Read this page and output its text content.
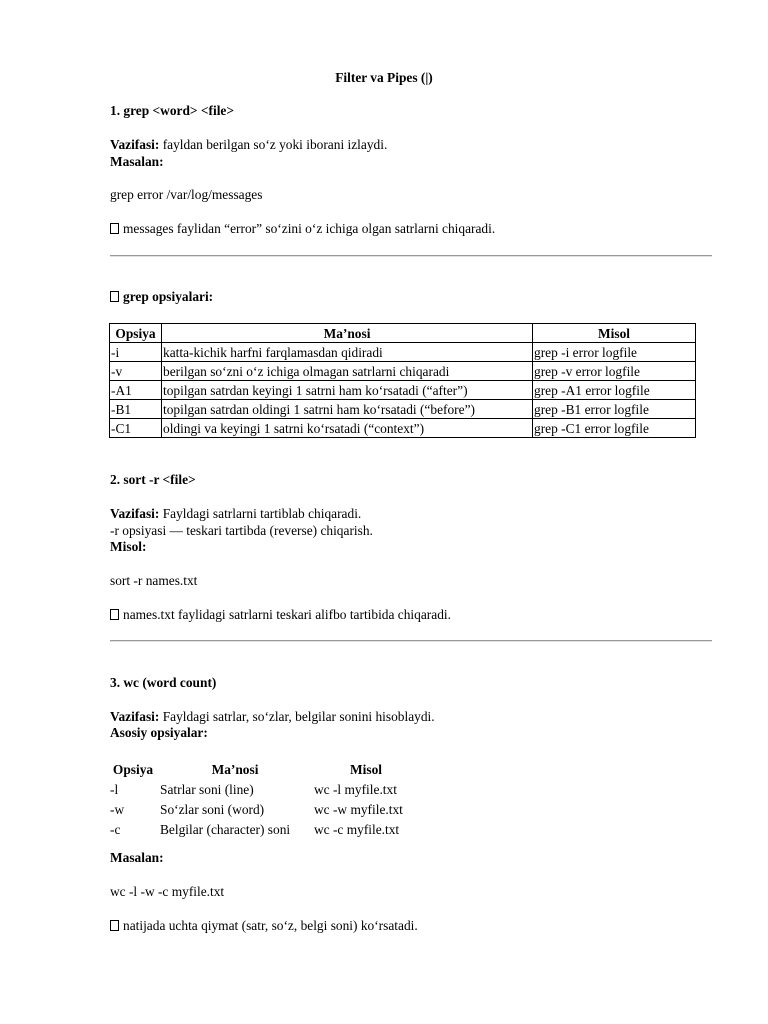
Filter va Pipes (|)
1. grep <word> <file>
Vazifasi: fayldan berilgan so‘z yoki iborani izlaydi.
Masalan:
grep error /var/log/messages
messages faylidan “error” so‘zini o‘z ichiga olgan satrlarni chiqaradi.
grep opsiyalari:
Opsiya	Ma’nosi	Misol
-i	katta-kichik harfni farqlamasdan qidiradi	grep -i error logfile
-v	berilgan so‘zni o‘z ichiga olmagan satrlarni chiqaradi	grep -v error logfile
-A1	topilgan satrdan keyingi 1 satrni ham ko‘rsatadi (“after”)	grep -A1 error logfile
-B1	topilgan satrdan oldingi 1 satrni ham ko‘rsatadi (“before”)	grep -B1 error logfile
-C1	oldingi va keyingi 1 satrni ko‘rsatadi (“context”)	grep -C1 error logfile
2. sort -r <file>
Vazifasi: Fayldagi satrlarni tartiblab chiqaradi.
-r opsiyasi — teskari tartibda (reverse) chiqarish.
Misol:
sort -r names.txt
names.txt faylidagi satrlarni teskari alifbo tartibida chiqaradi.
3. wc (word count)
Vazifasi: Fayldagi satrlar, so‘zlar, belgilar sonini hisoblaydi.
Asosiy opsiyalar:
Opsiya	Ma’nosi	Misol
-l	Satrlar soni (line)	wc -l myfile.txt
-w	So‘zlar soni (word)	wc -w myfile.txt
-c	Belgilar (character) soni	wc -c myfile.txt
Masalan:
wc -l -w -c myfile.txt
natijada uchta qiymat (satr, so‘z, belgi soni) ko‘rsatadi.
